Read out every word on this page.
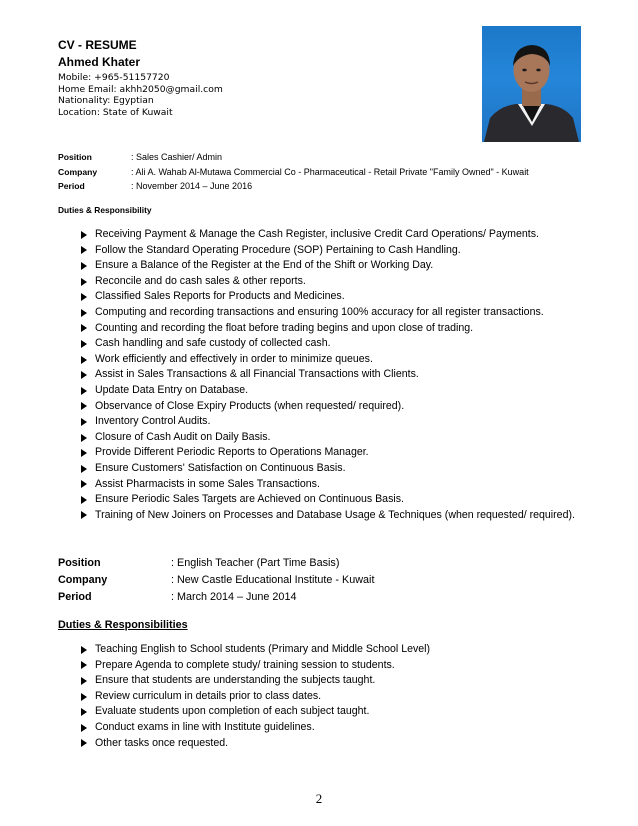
CV - RESUME
Ahmed Khater
Mobile: +965-51157720
Home Email: akhh2050@gmail.com
Nationality: Egyptian
Location: State of Kuwait
Position	: Sales Cashier/ Admin
Company	: Ali A. Wahab Al-Mutawa Commercial Co - Pharmaceutical - Retail Private "Family Owned" - Kuwait
Period	: November 2014 – June 2016
Duties & Responsibility
Receiving Payment & Manage the Cash Register, inclusive Credit Card Operations/ Payments.
Follow the Standard Operating Procedure (SOP) Pertaining to Cash Handling.
Ensure a Balance of the Register at the End of the Shift or Working Day.
Reconcile and do cash sales & other reports.
Classified Sales Reports for Products and Medicines.
Computing and recording transactions and ensuring 100% accuracy for all register transactions.
Counting and recording the float before trading begins and upon close of trading.
Cash handling and safe custody of collected cash.
Work efficiently and effectively in order to minimize queues.
Assist in Sales Transactions & all Financial Transactions with Clients.
Update Data Entry on Database.
Observance of Close Expiry Products (when requested/ required).
Inventory Control Audits.
Closure of Cash Audit on Daily Basis.
Provide Different Periodic Reports to Operations Manager.
Ensure Customers' Satisfaction on Continuous Basis.
Assist Pharmacists in some Sales Transactions.
Ensure Periodic Sales Targets are Achieved on Continuous Basis.
Training of New Joiners on Processes and Database Usage & Techniques (when requested/ required).
Position	: English Teacher (Part Time Basis)
Company	: New Castle Educational Institute - Kuwait
Period	: March 2014 – June 2014
Duties & Responsibilities
Teaching English to School students (Primary and Middle School Level)
Prepare Agenda to complete study/ training session to students.
Ensure that students are understanding the subjects taught.
Review curriculum in details prior to class dates.
Evaluate students upon completion of each subject taught.
Conduct exams in line with Institute guidelines.
Other tasks once requested.
2
